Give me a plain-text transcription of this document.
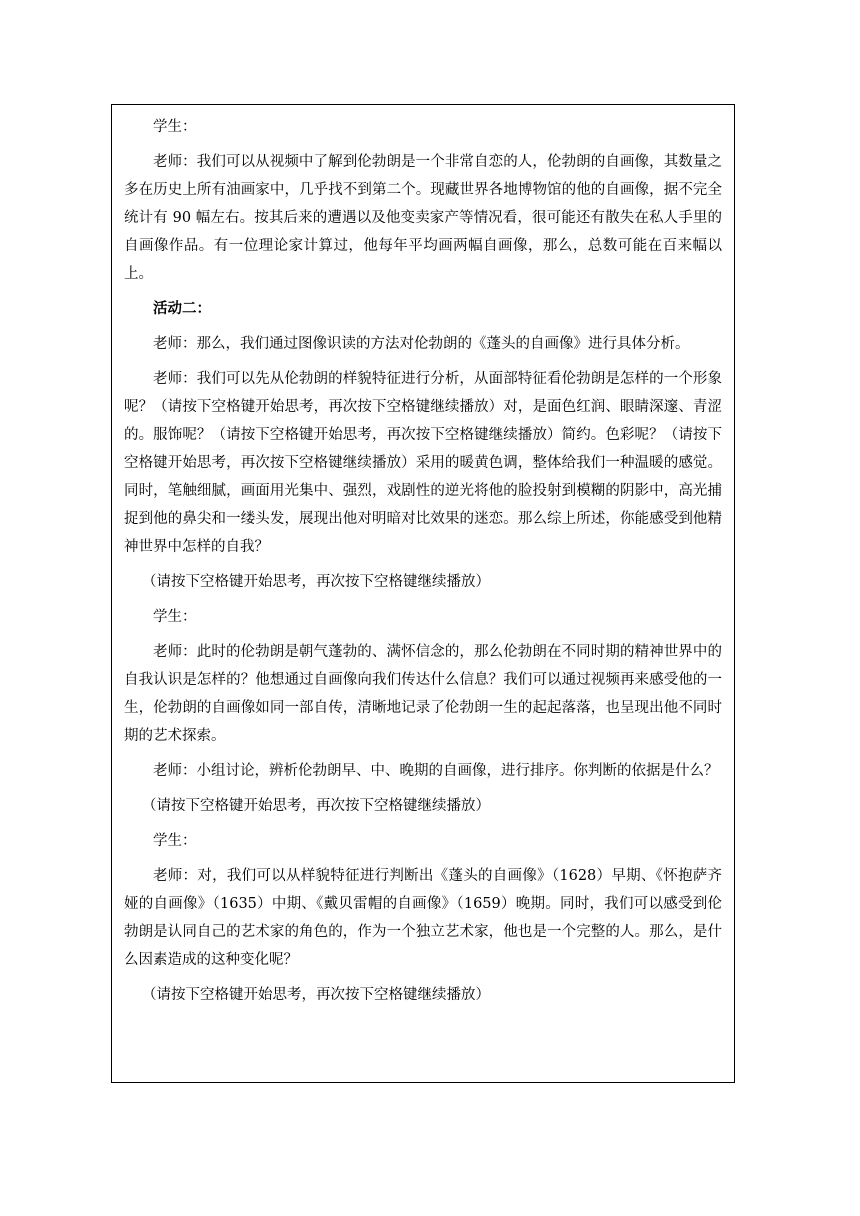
学生：

老师：我们可以从视频中了解到伦勃朗是一个非常自恋的人，伦勃朗的自画像，其数量之多在历史上所有油画家中，几乎找不到第二个。现藏世界各地博物馆的他的自画像，据不完全统计有 90 幅左右。按其后来的遭遇以及他变卖家产等情况看，很可能还有散失在私人手里的自画像作品。有一位理论家计算过，他每年平均画两幅自画像，那么，总数可能在百来幅以上。

活动二：

老师：那么，我们通过图像识读的方法对伦勃朗的《蓬头的自画像》进行具体分析。

老师：我们可以先从伦勃朗的样貌特征进行分析，从面部特征看伦勃朗是怎样的一个形象呢？（请按下空格键开始思考，再次按下空格键继续播放）对，是面色红润、眼睛深邃、青涩的。服饰呢？（请按下空格键开始思考，再次按下空格键继续播放）简约。色彩呢？（请按下空格键开始思考，再次按下空格键继续播放）采用的暖黄色调，整体给我们一种温暖的感觉。同时，笔触细腻，画面用光集中、强烈，戏剧性的逆光将他的脸投射到模糊的阴影中，高光捕捉到他的鼻尖和一缕头发，展现出他对明暗对比效果的迷恋。那么综上所述，你能感受到他精神世界中怎样的自我？

（请按下空格键开始思考，再次按下空格键继续播放）

学生：

老师：此时的伦勃朗是朝气蓬勃的、满怀信念的，那么伦勃朗在不同时期的精神世界中的自我认识是怎样的？他想通过自画像向我们传达什么信息？我们可以通过视频再来感受他的一生，伦勃朗的自画像如同一部自传，清晰地记录了伦勃朗一生的起起落落，也呈现出他不同时期的艺术探索。

老师：小组讨论，辨析伦勃朗早、中、晚期的自画像，进行排序。你判断的依据是什么？

（请按下空格键开始思考，再次按下空格键继续播放）

学生：

老师：对，我们可以从样貌特征进行判断出《蓬头的自画像》（1628）早期、《怀抱萨齐娅的自画像》（1635）中期、《戴贝雷帽的自画像》（1659）晚期。同时，我们可以感受到伦勃朗是认同自己的艺术家的角色的，作为一个独立艺术家，他也是一个完整的人。那么，是什么因素造成的这种变化呢？

（请按下空格键开始思考，再次按下空格键继续播放）
